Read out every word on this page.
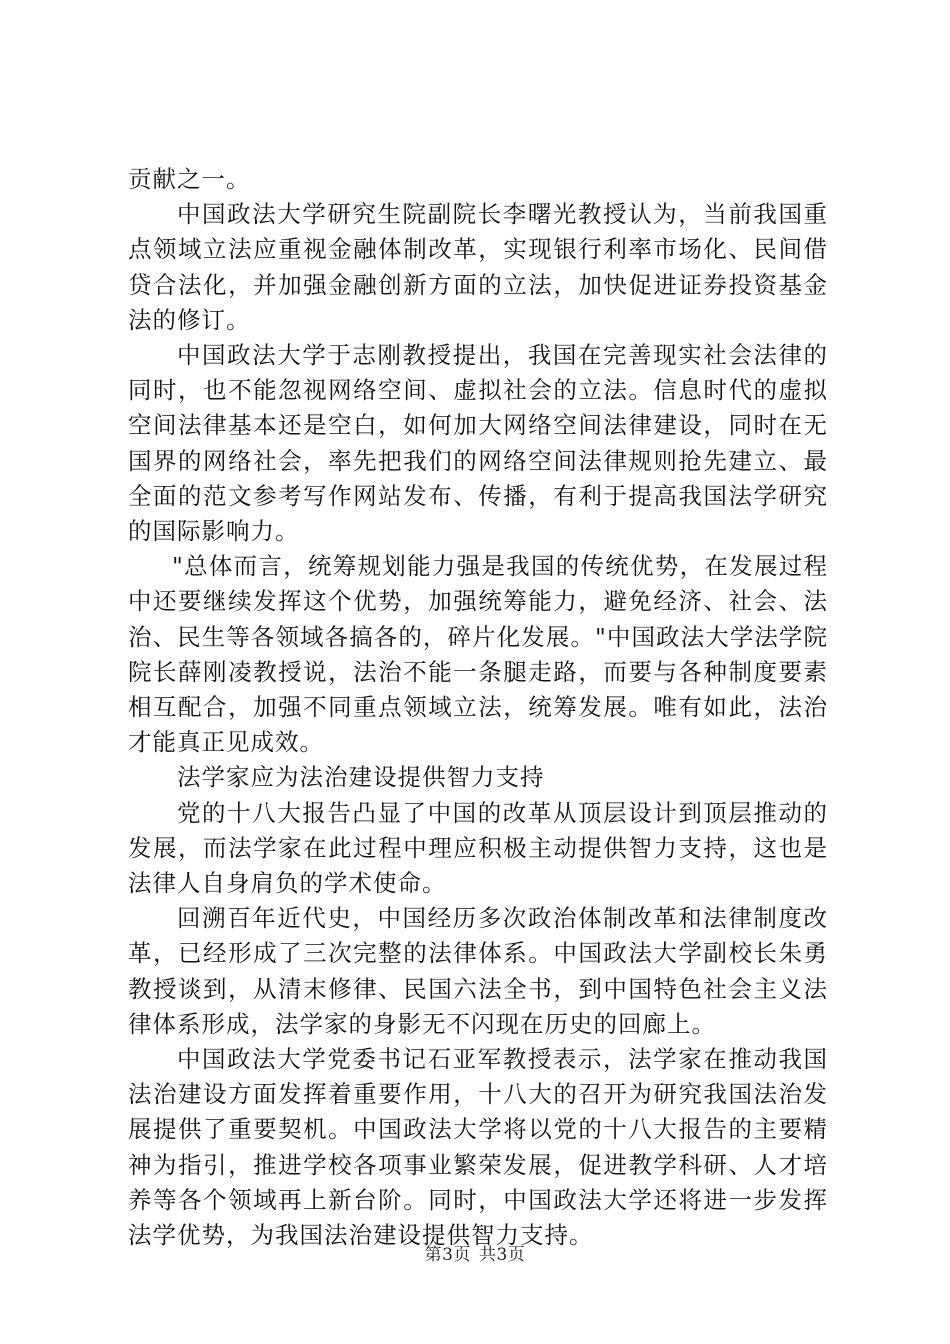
贡献之一。

中国政法大学研究生院副院长李曙光教授认为，当前我国重点领域立法应重视金融体制改革，实现银行利率市场化、民间借贷合法化，并加强金融创新方面的立法，加快促进证券投资基金法的修订。

中国政法大学于志刚教授提出，我国在完善现实社会法律的同时，也不能忽视网络空间、虚拟社会的立法。信息时代的虚拟空间法律基本还是空白，如何加大网络空间法律建设，同时在无国界的网络社会，率先把我们的网络空间法律规则抢先建立、最全面的范文参考写作网站发布、传播，有利于提高我国法学研究的国际影响力。

"总体而言，统筹规划能力强是我国的传统优势，在发展过程中还要继续发挥这个优势，加强统筹能力，避免经济、社会、法治、民生等各领域各搞各的，碎片化发展。"中国政法大学法学院院长薛刚凌教授说，法治不能一条腿走路，而要与各种制度要素相互配合，加强不同重点领域立法，统筹发展。唯有如此，法治才能真正见成效。

法学家应为法治建设提供智力支持

党的十八大报告凸显了中国的改革从顶层设计到顶层推动的发展，而法学家在此过程中理应积极主动提供智力支持，这也是法律人自身肩负的学术使命。

回溯百年近代史，中国经历多次政治体制改革和法律制度改革，已经形成了三次完整的法律体系。中国政法大学副校长朱勇教授谈到，从清末修律、民国六法全书，到中国特色社会主义法律体系形成，法学家的身影无不闪现在历史的回廊上。

中国政法大学党委书记石亚军教授表示，法学家在推动我国法治建设方面发挥着重要作用，十八大的召开为研究我国法治发展提供了重要契机。中国政法大学将以党的十八大报告的主要精神为指引，推进学校各项事业繁荣发展，促进教学科研、人才培养等各个领域再上新台阶。同时，中国政法大学还将进一步发挥法学优势，为我国法治建设提供智力支持。

第3页 共3页
